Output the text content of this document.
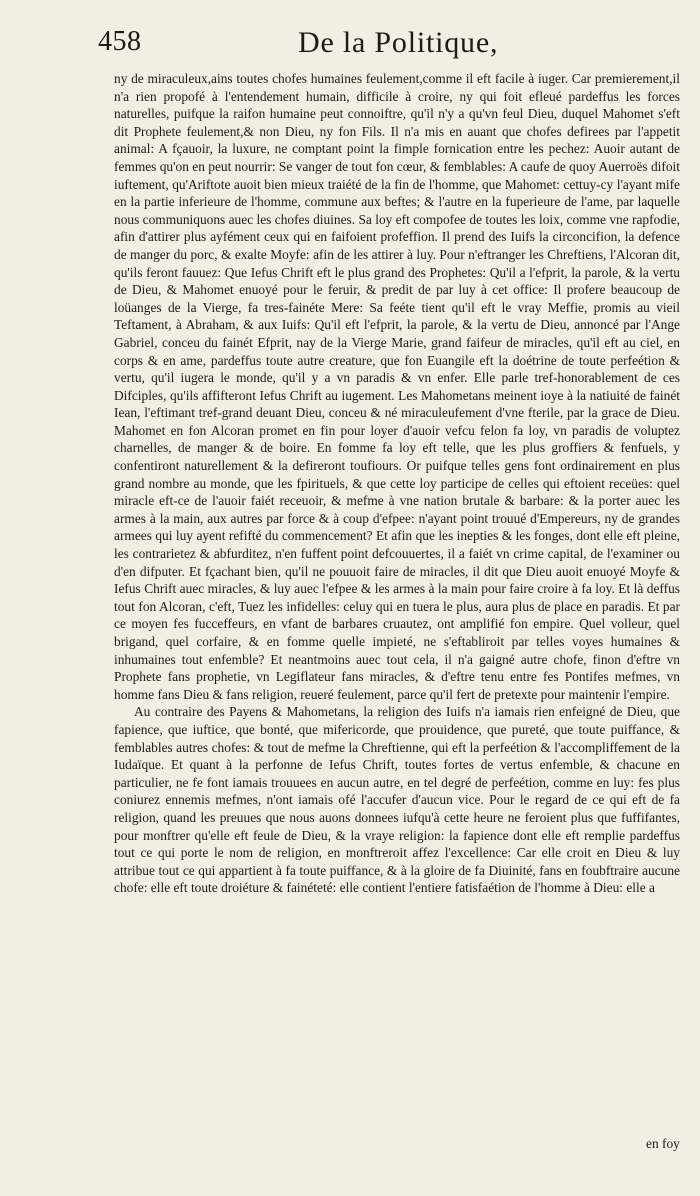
458	De la Politique,

ny de miraculeux,ains toutes chofes humaines feulement,comme il eft facile à iuger. Car premierement,il n'a rien propofé à l'entendement humain, difficile à croire, ny qui foit efleué pardeffus les forces naturelles, puifque la raifon humaine peut connoiftre, qu'il n'y a qu'vn feul Dieu, duquel Mahomet s'eft dit Prophete feulement,& non Dieu, ny fon Fils. Il n'a mis en auant que chofes defirees par l'appetit animal: A fçauoir, la luxure, ne comptant point la fimple fornication entre les pechez: Auoir autant de femmes qu'on en peut nourrir: Se vanger de tout fon cœur, & femblables: A caufe de quoy Auerroës difoit iuftement, qu'Ariftote auoit bien mieux traiété de la fin de l'homme, que Mahomet: cettuy-cy l'ayant mife en la partie inferieure de l'homme, commune aux beftes; & l'autre en la fuperieure de l'ame, par laquelle nous communiquons auec les chofes diuines. Sa loy eft compofee de toutes les loix, comme vne rapfodie, afin d'attirer plus ayfément ceux qui en faifoient profeffion. Il prend des Iuifs la circoncifion, la defence de manger du porc, & exalte Moyfe: afin de les attirer à luy. Pour n'eftranger les Chreftiens, l'Alcoran dit, qu'ils feront fauuez: Que Iefus Chrift eft le plus grand des Prophetes: Qu'il a l'efprit, la parole, & la vertu de Dieu, & Mahomet enuoyé pour le feruir, & predit de par luy à cet office: Il profere beaucoup de loüanges de la Vierge, fa tres-fainéte Mere: Sa feéte tient qu'il eft le vray Meffie, promis au vieil Teftament, à Abraham, & aux Iuifs: Qu'il eft l'efprit, la parole, & la vertu de Dieu, annoncé par l'Ange Gabriel, conceu du fainét Efprit, nay de la Vierge Marie, grand faifeur de miracles, qu'il eft au ciel, en corps & en ame, pardeffus toute autre creature, que fon Euangile eft la doétrine de toute perfeétion & vertu, qu'il iugera le monde, qu'il y a vn paradis & vn enfer. Elle parle tref-honorablement de ces Difciples, qu'ils affifteront Iefus Chrift au iugement. Les Mahometans meinent ioye à la natiuité de fainét Iean, l'eftimant tref-grand deuant Dieu, conceu & né miraculeufement d'vne fterile, par la grace de Dieu. Mahomet en fon Alcoran promet en fin pour loyer d'auoir vefcu felon fa loy, vn paradis de voluptez charnelles, de manger & de boire. En fomme fa loy eft telle, que les plus groffiers & fenfuels, y confentiront naturellement & la defireront toufiours. Or puifque telles gens font ordinairement en plus grand nombre au monde, que les fpirituels, & que cette loy participe de celles qui eftoient receües: quel miracle eft-ce de l'auoir faiét receuoir, & mefme à vne nation brutale & barbare: & la porter auec les armes à la main, aux autres par force & à coup d'efpee: n'ayant point trouué d'Empereurs, ny de grandes armees qui luy ayent refifté du commencement? Et afin que les inepties & les fonges, dont elle eft pleine, les contrarietez & abfurditez, n'en fuffent point defcouuertes, il a faiét vn crime capital, de l'examiner ou d'en difputer. Et fçachant bien, qu'il ne pouuoit faire de miracles, il dit que Dieu auoit enuoyé Moyfe & Iefus Chrift auec miracles, & luy auec l'efpee & les armes à la main pour faire croire à fa loy. Et là deffus tout fon Alcoran, c'eft, Tuez les infidelles: celuy qui en tuera le plus, aura plus de place en paradis. Et par ce moyen fes fucceffeurs, en vfant de barbares cruautez, ont amplifié fon empire. Quel volleur, quel brigand, quel corfaire, & en fomme quelle impieté, ne s'eftabliroit par telles voyes humaines & inhumaines tout enfemble? Et neantmoins auec tout cela, il n'a gaigné autre chofe, finon d'eftre vn Prophete fans prophetie, vn Legiflateur fans miracles, & d'eftre tenu entre fes Pontifes mefmes, vn homme fans Dieu & fans religion, reueré feulement, parce qu'il fert de pretexte pour maintenir l'empire.

Au contraire des Payens & Mahometans, la religion des Iuifs n'a iamais rien enfeigné de Dieu, que fapience, que iuftice, que bonté, que mifericorde, que prouidence, que pureté, que toute puiffance, & femblables autres chofes: & tout de mefme la Chreftienne, qui eft la perfeétion & l'accompliffement de la Iudaïque. Et quant à la perfonne de Iefus Chrift, toutes fortes de vertus enfemble, & chacune en particulier, ne fe font iamais trouuees en aucun autre, en tel degré de perfeétion, comme en luy: fes plus coniurez ennemis mefmes, n'ont iamais ofé l'accufer d'aucun vice. Pour le regard de ce qui eft de fa religion, quand les preuues que nous auons donnees iufqu'à cette heure ne feroient plus que fuffifantes, pour monftrer qu'elle eft feule de Dieu, & la vraye religion: la fapience dont elle eft remplie pardeffus tout ce qui porte le nom de religion, en monftreroit affez l'excellence: Car elle croit en Dieu & luy attribue tout ce qui appartient à fa toute puiffance, & à la gloire de fa Diuinité, fans en foubftraire aucune chofe: elle eft toute droiéture & fainéteté: elle contient l'entiere fatisfaétion de l'homme à Dieu: elle a

en foy
